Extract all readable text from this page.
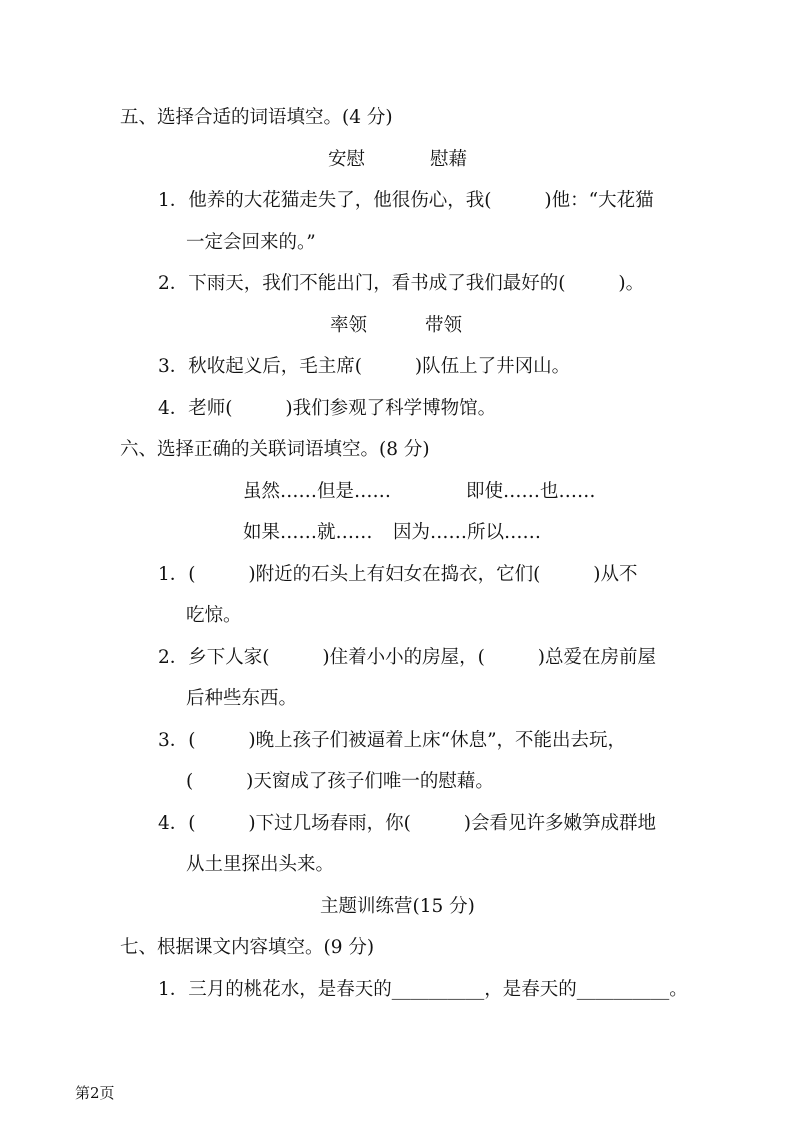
五、选择合适的词语填空。(4 分)

安慰

	慰藉

1．他养的大花猫走失了，他很伤心，我(         )他：“大花猫
一定会回来的。”
2．下雨天，我们不能出门，看书成了我们最好的(         )。

率领

	带领

3．秋收起义后，毛主席(         )队伍上了井冈山。
4．老师(         )我们参观了科学博物馆。
六、选择正确的关联词语填空。(8 分)

虽然……但是……

	即使……也……

如果……就……

因为……所以……

1．(         )附近的石头上有妇女在捣衣，它们(         )从不
吃惊。
2．乡下人家(         )住着小小的房屋，(         )总爱在房前屋
后种些东西。
3．(         )晚上孩子们被逼着上床“休息”，不能出去玩，
(         )天窗成了孩子们唯一的慰藉。
4．(         )下过几场春雨，你(         )会看见许多嫩笋成群地
从土里探出头来。
主题训练营(15 分)
七、根据课文内容填空。(9 分)
1．三月的桃花水，是春天的__________，是春天的__________。
第2页
